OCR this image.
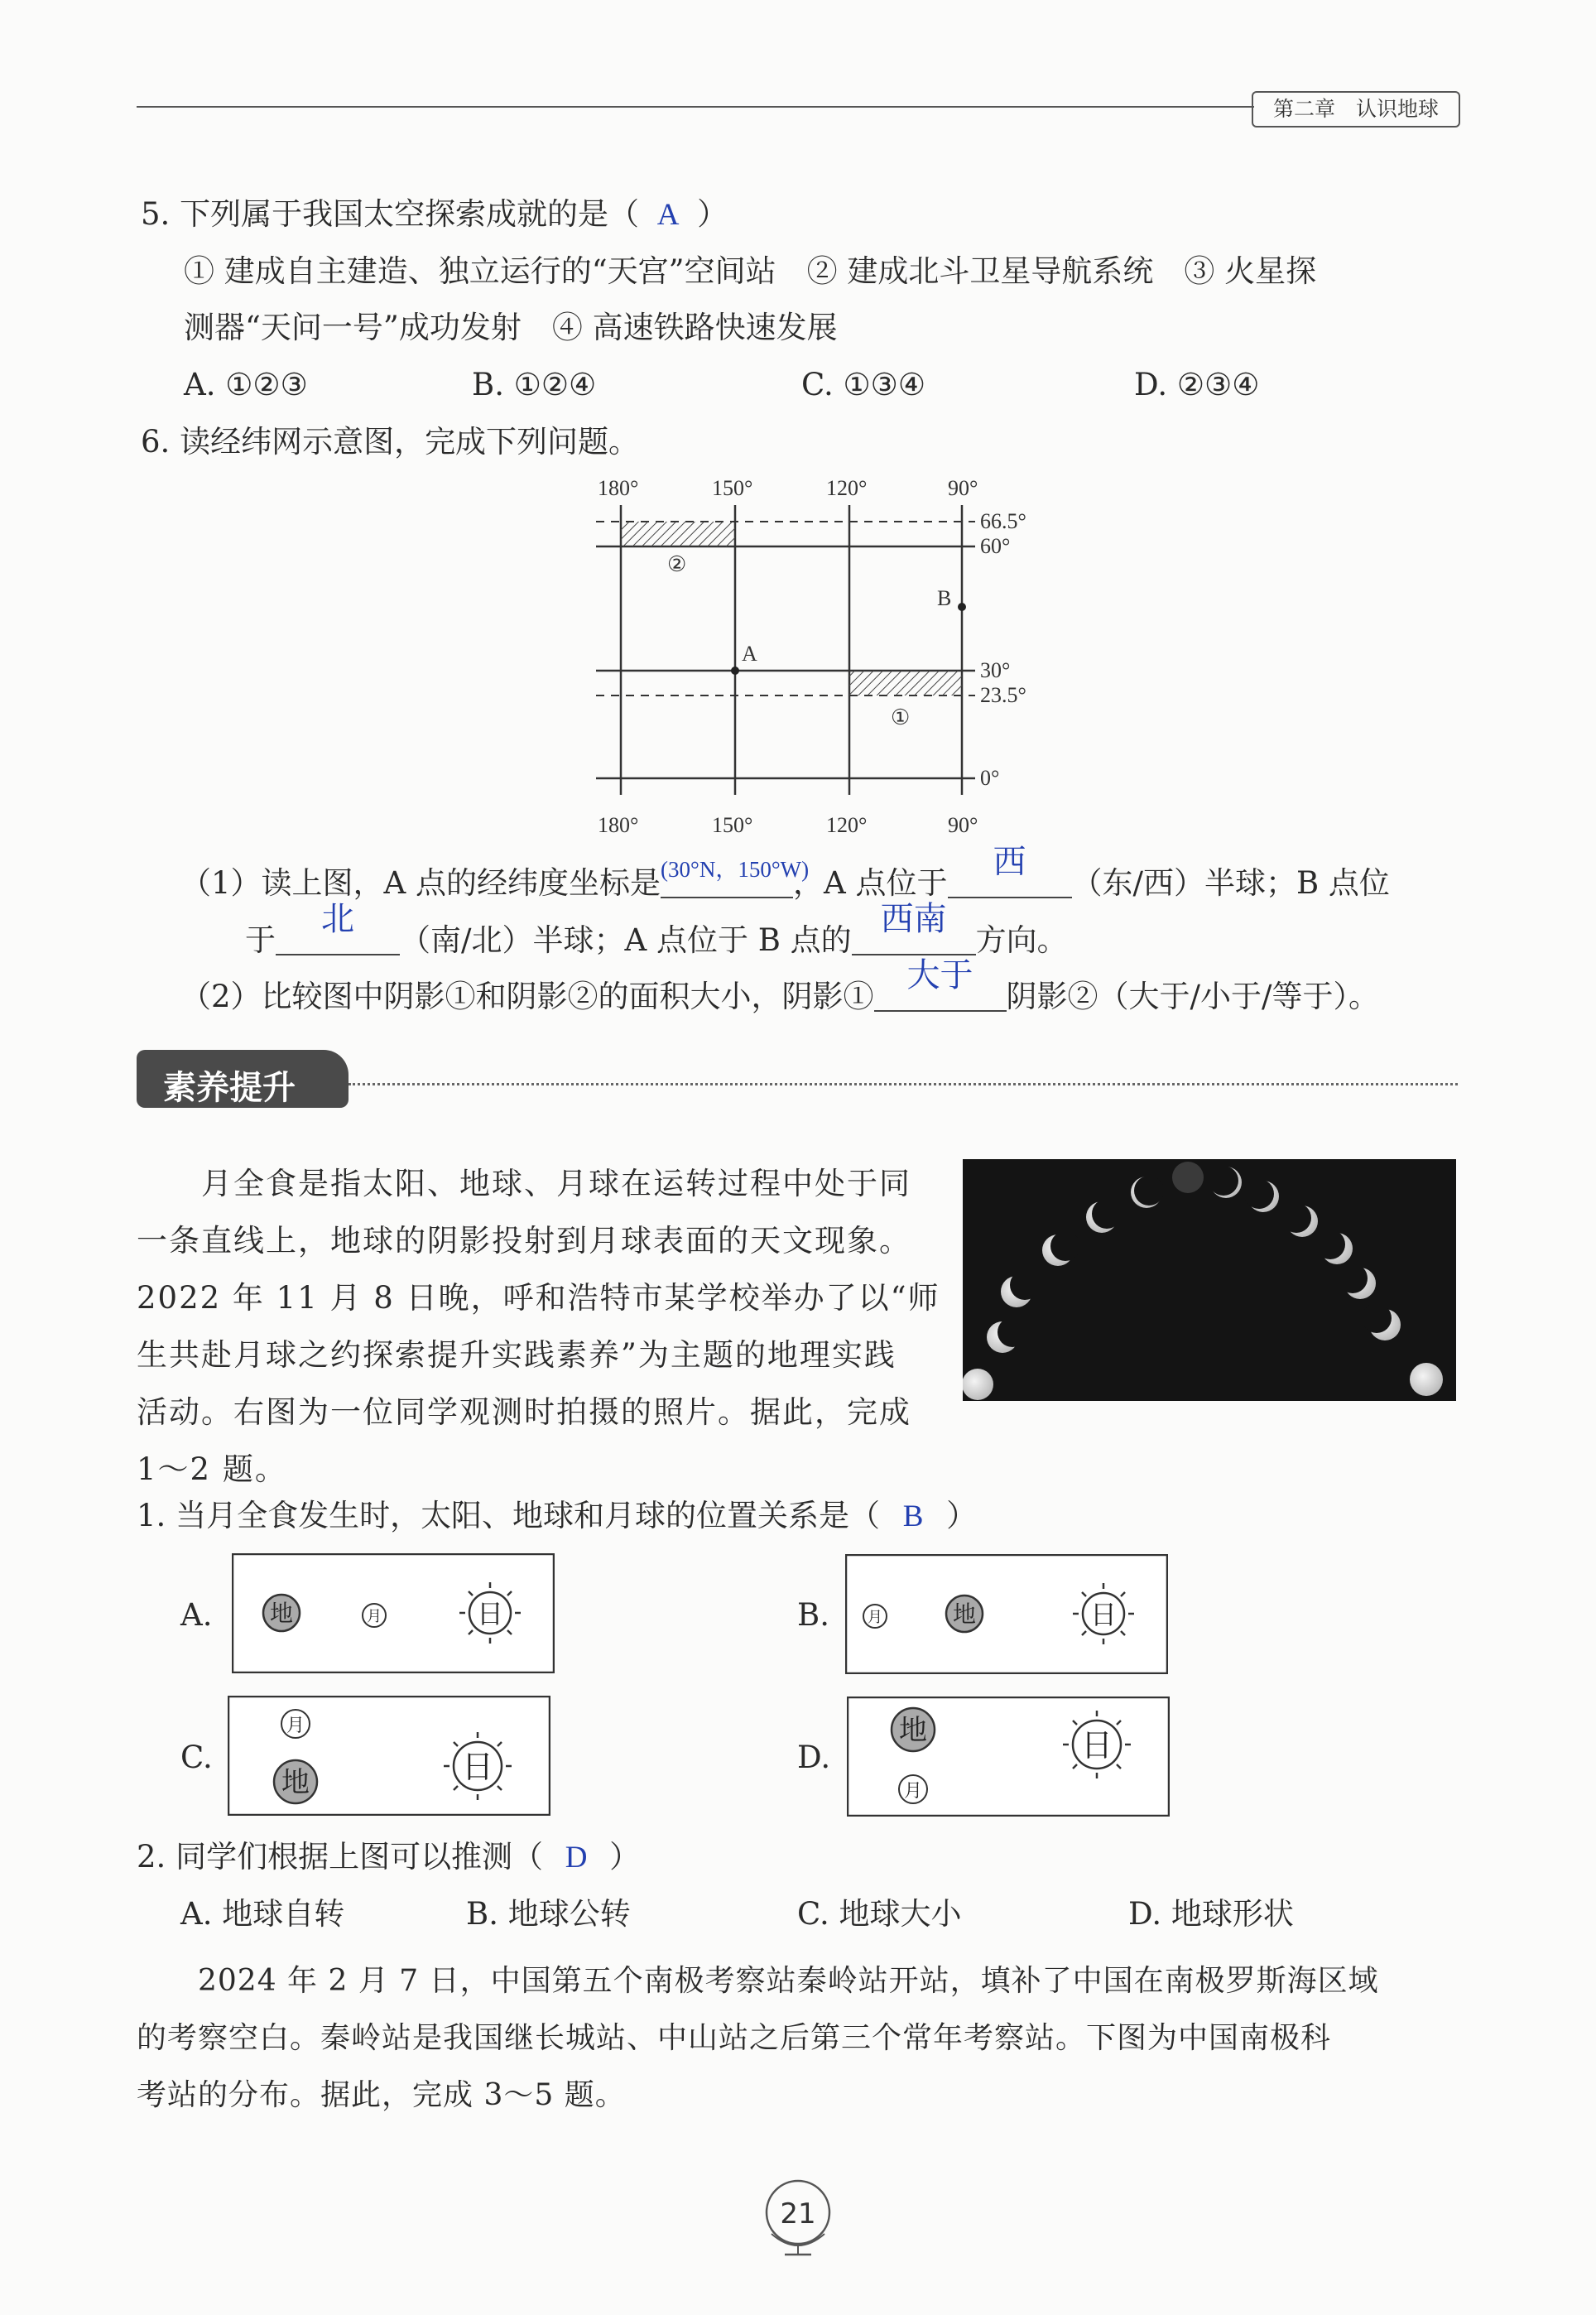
第二章　 认识地球
5. 下列属于我国太空探索成就的是（ A ）
① 建成自主建造、独立运行的“天宫”空间站　② 建成北斗卫星导航系统　③ 火星探
测器“天问一号”成功发射　④ 高速铁路快速发展
A. ①②③	B. ①②④	C. ①③④	D. ②③④
6. 读经纬网示意图，完成下列问题。
A
B
②
①
180°	150°	120°	90°
180°	150°	120°	90°
66.5°
60°
30°
23.5°
0°
（1）读上图，A 点的经纬度坐标是 (30°N，150°W)
，A 点位于
西
（东/西）半球；B 点位
于
北
（南/北）半球；A 点位于 B 点的
西南
方向。
（2）比较图中阴影①和阴影②的面积大小，阴影①
大于
阴影②（大于/小于/等于）。
素养提升
　　月全食是指太阳、地球、月球在运转过程中处于同
一条直线上，地球的阴影投射到月球表面的天文现象。
2022 年 11 月 8 日晚，呼和浩特市某学校举办了以“师
生共赴月球之约探索提升实践素养”为主题的地理实践
活动。右图为一位同学观测时拍摄的照片。据此，完成
1～2 题。
1. 当月全食发生时，太阳、地球和月球的位置关系是（ B ）
A. 地	月	日	B.	月	地	日
C.
月
地	日	D.
地
月
日
2. 同学们根据上图可以推测（ D ）
A. 地球自转	B. 地球公转	C. 地球大小	D. 地球形状
　　2024 年 2 月 7 日，中国第五个南极考察站秦岭站开站，填补了中国在南极罗斯海区域
的考察空白。秦岭站是我国继长城站、中山站之后第三个常年考察站。下图为中国南极科
考站的分布。据此，完成 3～5 题。
21
